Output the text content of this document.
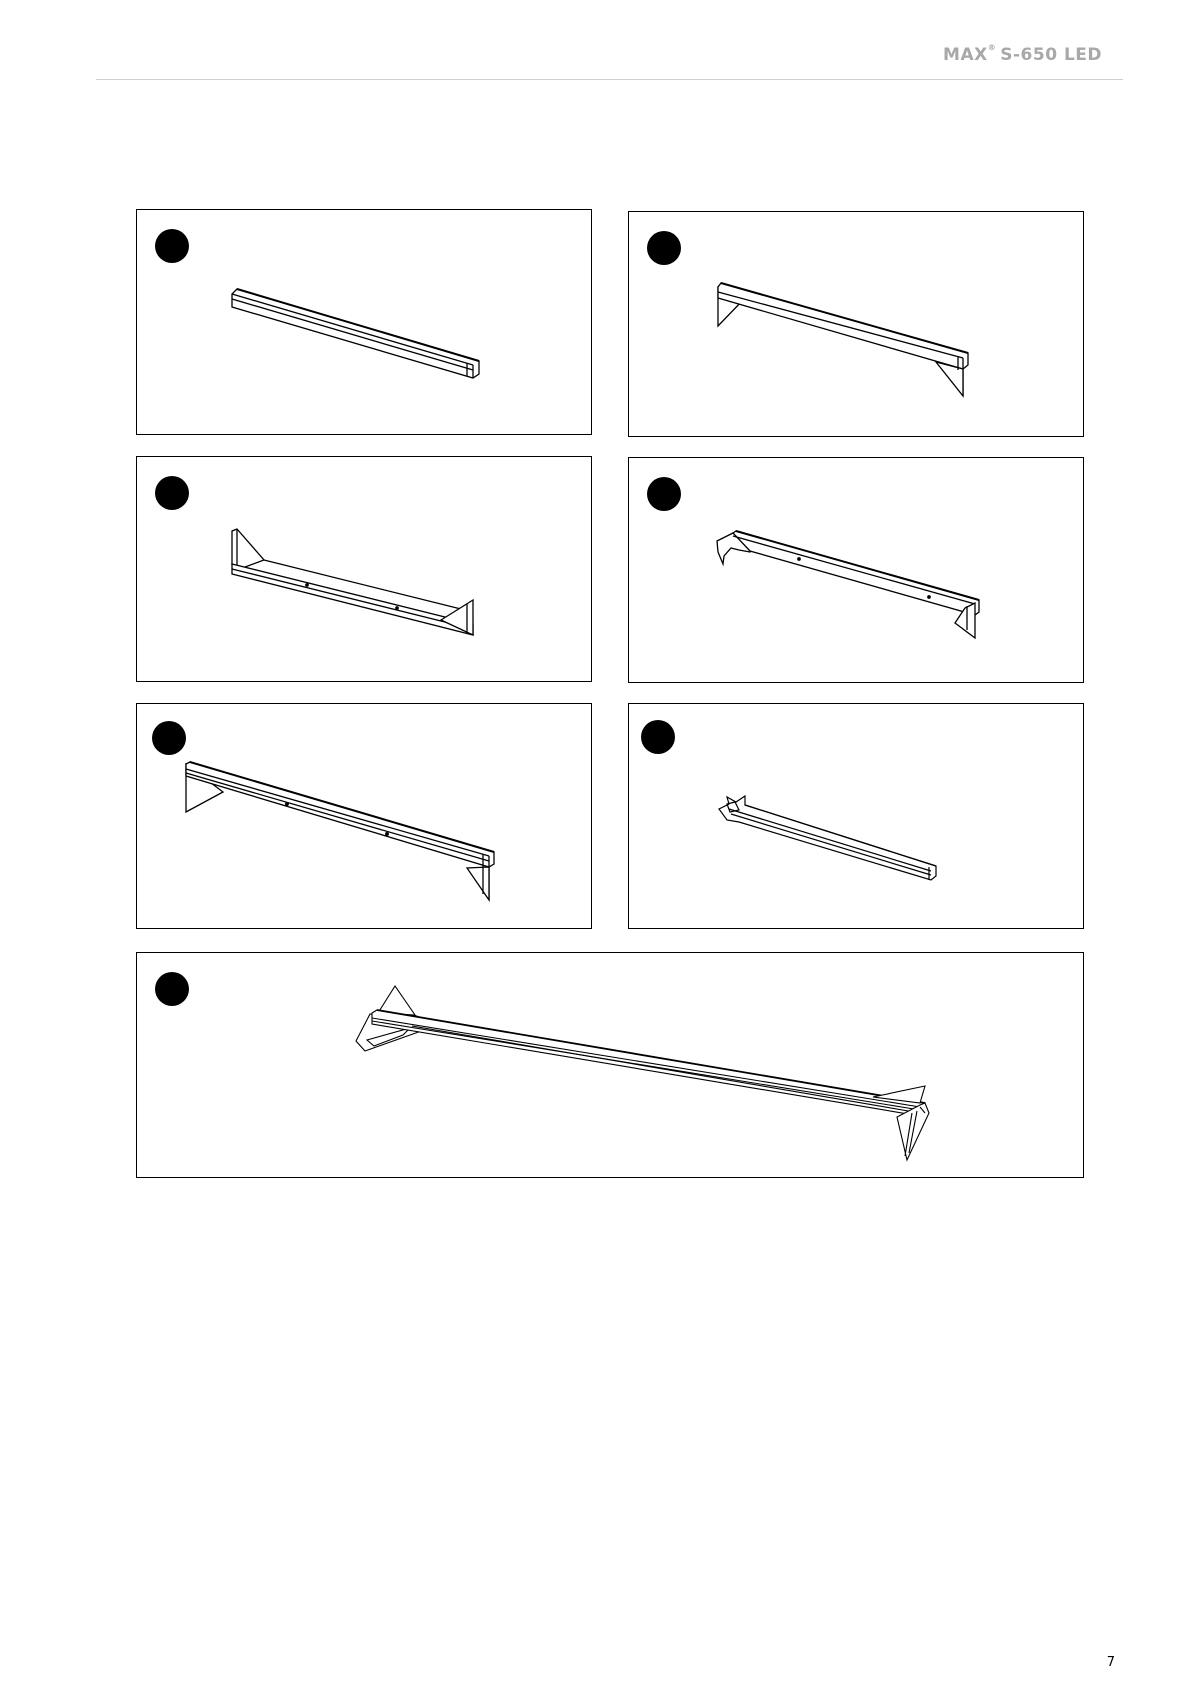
MAX® S-650 LED
7
